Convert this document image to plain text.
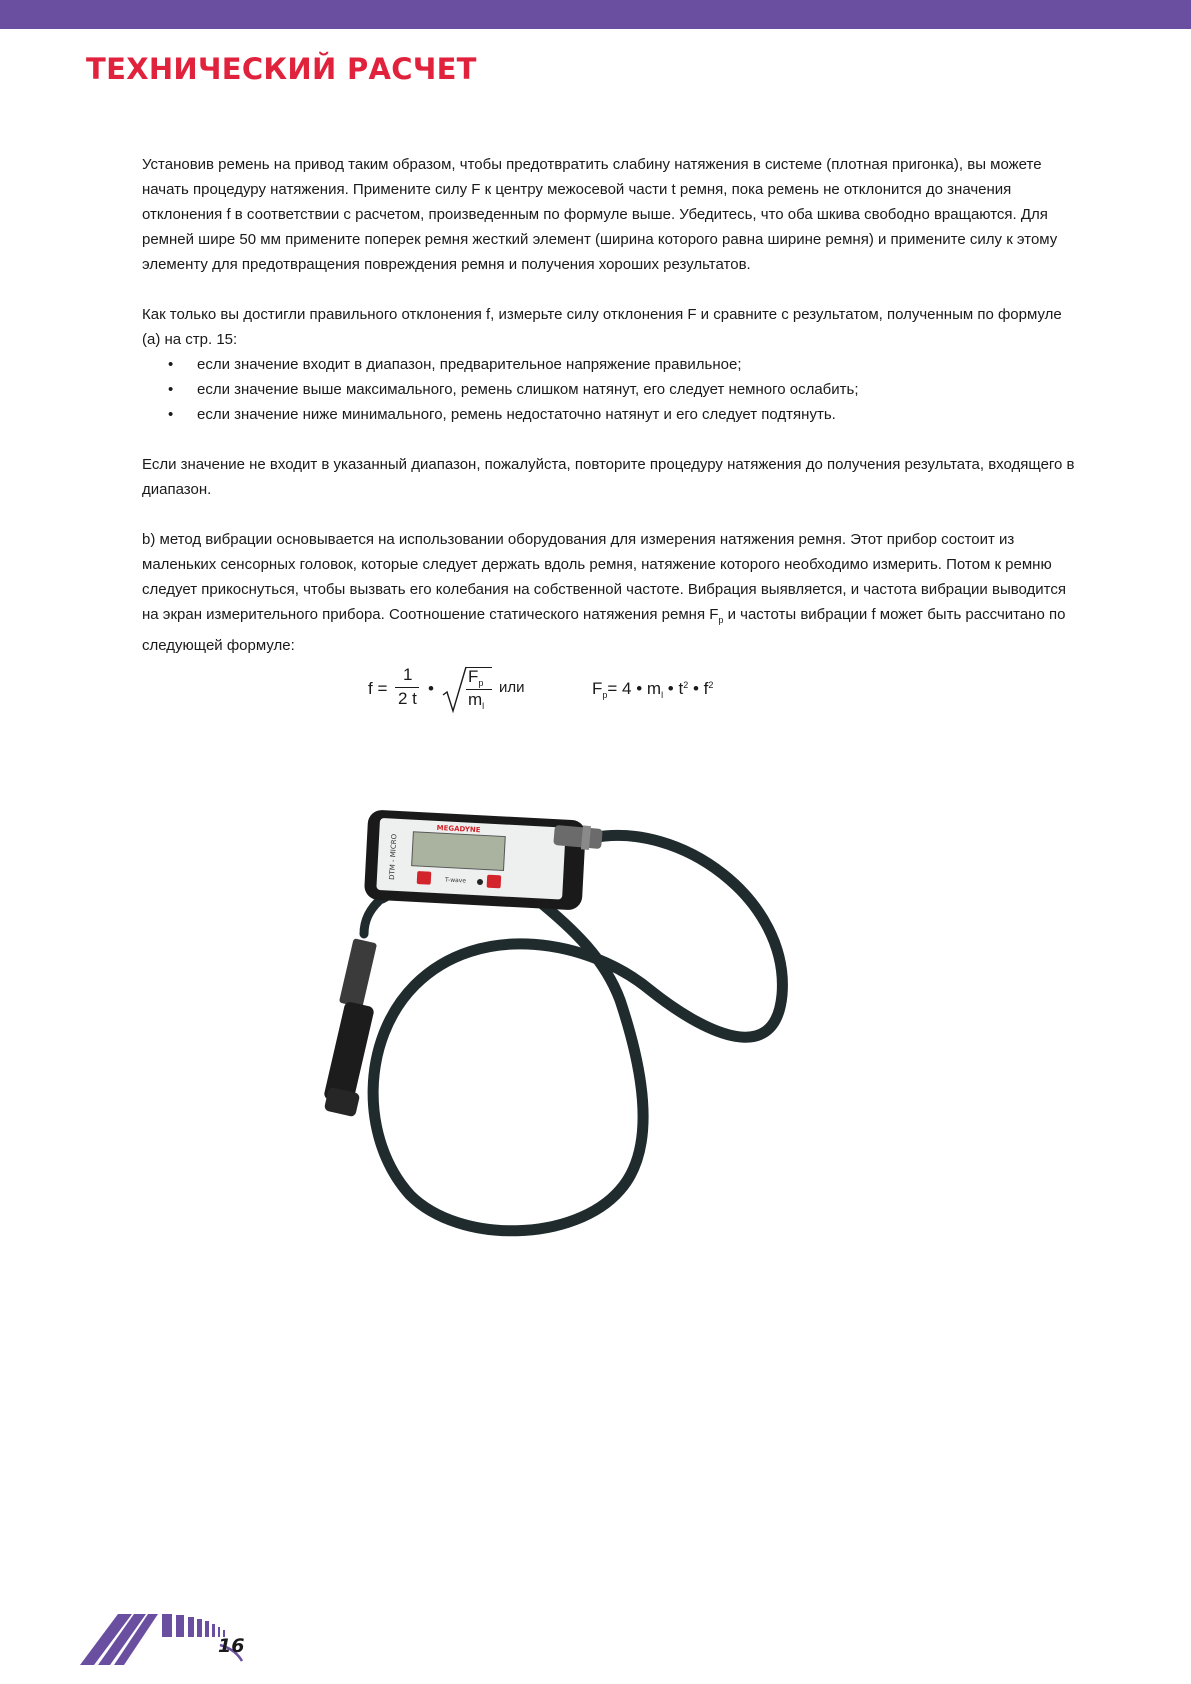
ТЕХНИЧЕСКИЙ РАСЧЕТ

Установив ремень на привод таким образом, чтобы предотвратить слабину натяжения в системе (плотная пригонка), вы можете начать процедуру натяжения. Примените силу F к центру межосевой части t ремня, пока ремень не отклонится до значения отклонения f в соответствии с расчетом, произведенным по формуле выше. Убедитесь, что оба шкива свободно вращаются. Для ремней шире 50 мм примените поперек ремня жесткий элемент (ширина которого равна ширине ремня) и примените силу к этому элементу для предотвращения повреждения ремня и получения хороших результатов.

Как только вы достигли правильного отклонения f, измерьте силу отклонения F и сравните с результатом, полученным по формуле (а) на стр. 15:

• если значение входит в диапазон, предварительное напряжение правильное;
• если значение выше максимального, ремень слишком натянут, его следует немного ослабить;
• если значение ниже минимального, ремень недостаточно натянут и его следует подтянуть.

Если значение не входит в указанный диапазон, пожалуйста, повторите процедуру натяжения до получения результата, входящего в диапазон.

b) метод вибрации основывается на использовании оборудования для измерения натяжения ремня. Этот прибор состоит из маленьких сенсорных головок, которые следует держать вдоль ремня, натяжение которого необходимо измерить. Потом к ремню следует прикоснуться, чтобы вызвать его колебания на собственной частоте. Вибрация выявляется, и частота вибрации выводится на экран измерительного прибора. Соотношение статического натяжения ремня $F_p$ и частоты вибрации f может быть рассчитано по следующей формуле:

f =
1
2 t
•
$F_p$
$m_l$
или	$F_p= 4$ • $m_l$ • $t^2$ • $f^2$
MEGADYNE
T-wave
DTM - MICRO
16
